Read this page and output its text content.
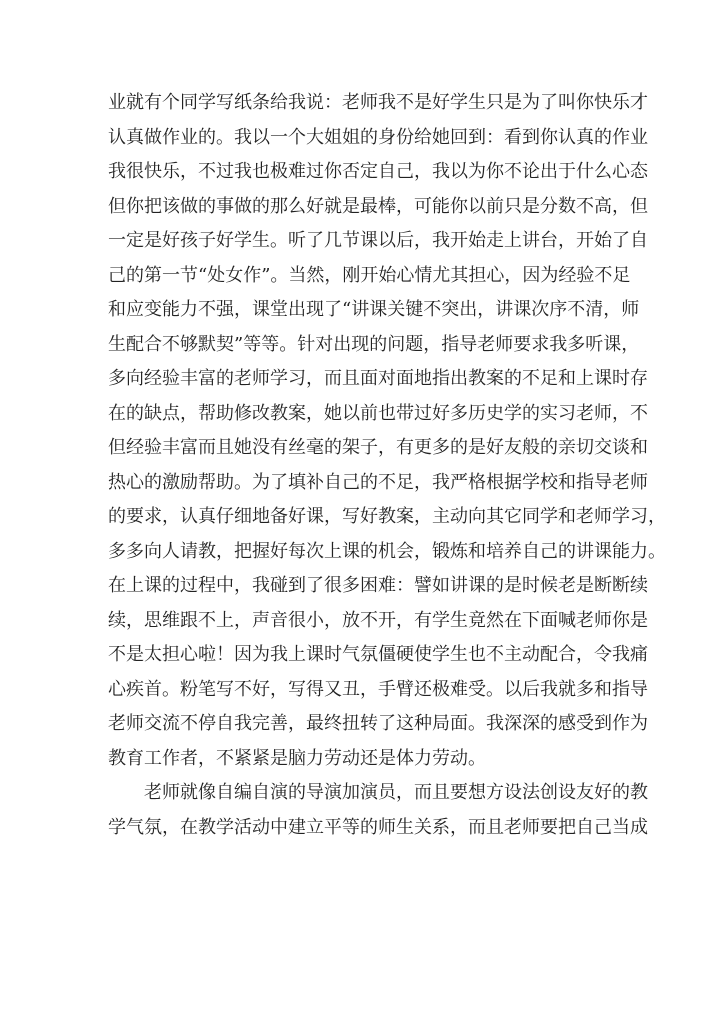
业 就 有 个 同 学 写 纸 条 给 我 说 ： 老 师 我 不 是 好 学 生 只 是 为 了 叫 你 快 乐 才
认 真 做 作 业 的 。 我 以 一 个 大 姐 姐 的 身 份 给 她 回 到 ： 看 到 你 认 真 的 作 业
我 很 快 乐 ， 不 过 我 也 极 难 过 你 否 定 自 己 ， 我 以 为 你 不 论 出 于 什 么 心 态
但 你 把 该 做 的 事 做 的 那 么 好 就 是 最 棒 ， 可 能 你 以 前 只 是 分 数 不 高 ， 但
一 定 是 好 孩 子 好 学 生 。 听 了 几 节 课 以 后 ， 我 开 始 走 上 讲 台 ， 开 始 了 自
己 的 第 一 节 “ 处 女 作 ” 。 当 然 ， 刚 开 始 心 情 尤 其 担 心 ， 因 为 经 验 不 足
和 应 变 能 力 不 强 ， 课 堂 出 现 了 “ 讲 课 关 键 不 突 出 ， 讲 课 次 序 不 清 ， 师
生 配 合 不 够 默 契 ” 等 等 。 针 对 出 现 的 问 题 ， 指 导 老 师 要 求 我 多 听 课 ，
多 向 经 验 丰 富 的 老 师 学 习 ， 而 且 面 对 面 地 指 出 教 案 的 不 足 和 上 课 时 存
在 的 缺 点 ， 帮 助 修 改 教 案 ， 她 以 前 也 带 过 好 多 历 史 学 的 实 习 老 师 ， 不
但 经 验 丰 富 而 且 她 没 有 丝 毫 的 架 子 ， 有 更 多 的 是 好 友 般 的 亲 切 交 谈 和
热 心 的 激 励 帮 助 。 为 了 填 补 自 己 的 不 足 ， 我 严 格 根 据 学 校 和 指 导 老 师
的 要 求 ， 认 真 仔 细 地 备 好 课 ， 写 好 教 案 ， 主 动 向 其 它 同 学 和 老 师 学 习 ，
多 多 向 人 请 教 ， 把 握 好 每 次 上 课 的 机 会 ， 锻 炼 和 培 养 自 己 的 讲 课 能 力 。
在 上 课 的 过 程 中 ， 我 碰 到 了 很 多 困 难 ： 譬 如 讲 课 的 是 时 候 老 是 断 断 续
续 ， 思 维 跟 不 上 ， 声 音 很 小 ， 放 不 开 ， 有 学 生 竟 然 在 下 面 喊 老 师 你 是
不 是 太 担 心 啦 ！ 因 为 我 上 课 时 气 氛 僵 硬 使 学 生 也 不 主 动 配 合 ， 令 我 痛
心 疾 首 。 粉 笔 写 不 好 ， 写 得 又 丑 ， 手 臂 还 极 难 受 。 以 后 我 就 多 和 指 导
老 师 交 流 不 停 自 我 完 善 ， 最 终 扭 转 了 这 种 局 面 。 我 深 深 的 感 受 到 作 为
教育工作者，不紧紧是脑力劳动还是体力劳动。
老 师 就 像 自 编 自 演 的 导 演 加 演 员 ， 而 且 要 想 方 设 法 创 设 友 好 的 教
学 气 氛 ， 在 教 学 活 动 中 建 立 平 等 的 师 生 关 系 ， 而 且 老 师 要 把 自 己 当 成
